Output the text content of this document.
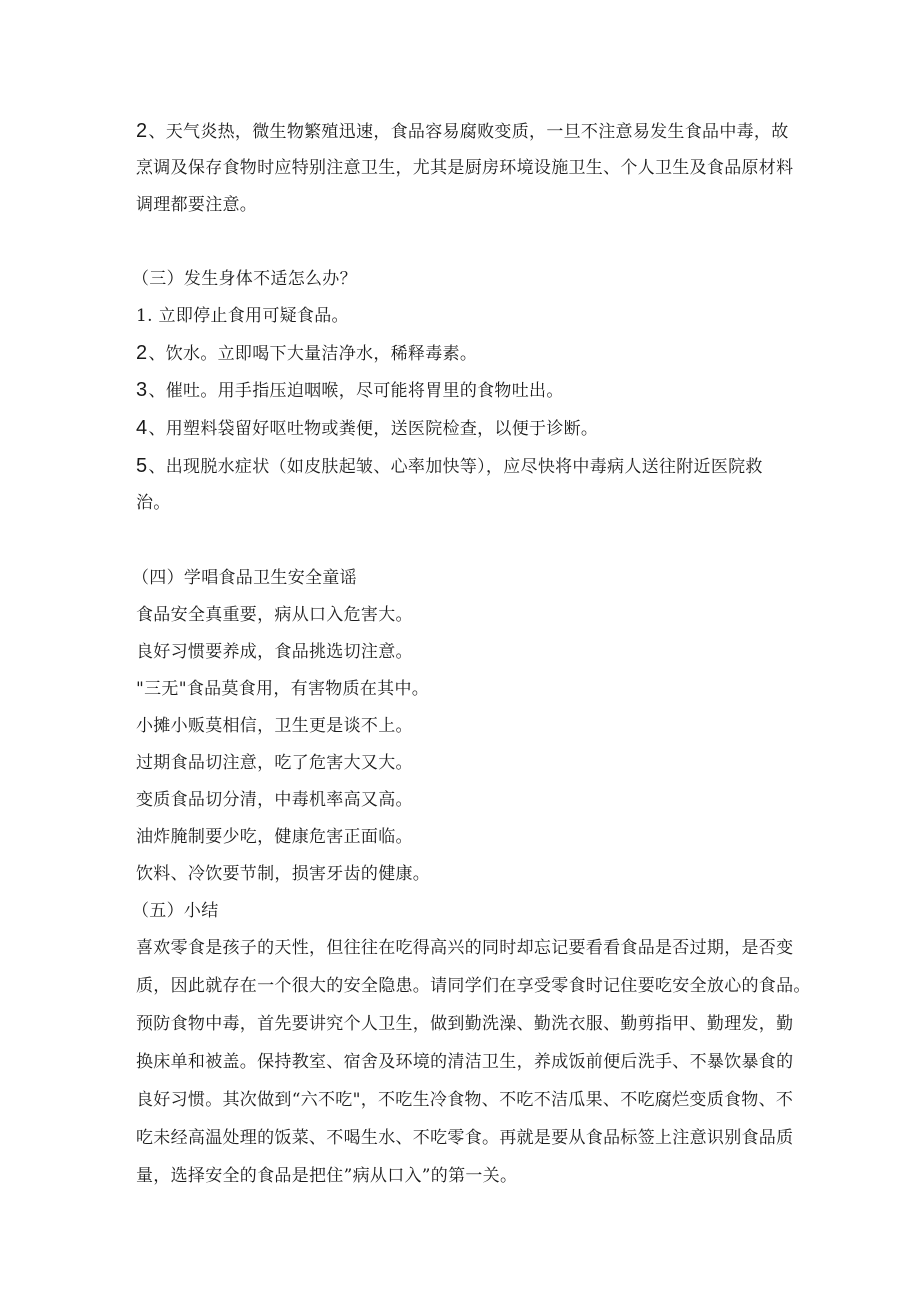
2、天气炎热，微生物繁殖迅速，食品容易腐败变质，一旦不注意易发生食品中毒，故
烹调及保存食物时应特别注意卫生，尤其是厨房环境设施卫生、个人卫生及食品原材料
调理都要注意。
（三）发生身体不适怎么办？
1. 立即停止食用可疑食品。
2、饮水。立即喝下大量洁净水，稀释毒素。
3、催吐。用手指压迫咽喉，尽可能将胃里的食物吐出。
4、用塑料袋留好呕吐物或粪便，送医院检查，以便于诊断。
5、出现脱水症状（如皮肤起皱、心率加快等），应尽快将中毒病人送往附近医院救
治。
（四）学唱食品卫生安全童谣
食品安全真重要，病从口入危害大。
良好习惯要养成，食品挑选切注意。
"三无"食品莫食用，有害物质在其中。
小摊小贩莫相信，卫生更是谈不上。
过期食品切注意，吃了危害大又大。
变质食品切分清，中毒机率高又高。
油炸腌制要少吃，健康危害正面临。
饮料、冷饮要节制，损害牙齿的健康。
（五）小结
喜欢零食是孩子的天性，但往往在吃得高兴的同时却忘记要看看食品是否过期，是否变
质，因此就存在一个很大的安全隐患。请同学们在享受零食时记住要吃安全放心的食品。
预防食物中毒，首先要讲究个人卫生，做到勤洗澡、勤洗衣服、勤剪指甲、勤理发，勤
换床单和被盖。保持教室、宿舍及环境的清洁卫生，养成饭前便后洗手、不暴饮暴食的
良好习惯。其次做到“六不吃"，不吃生冷食物、不吃不洁瓜果、不吃腐烂变质食物、不
吃未经高温处理的饭菜、不喝生水、不吃零食。再就是要从食品标签上注意识别食品质
量，选择安全的食品是把住”病从口入”的第一关。
